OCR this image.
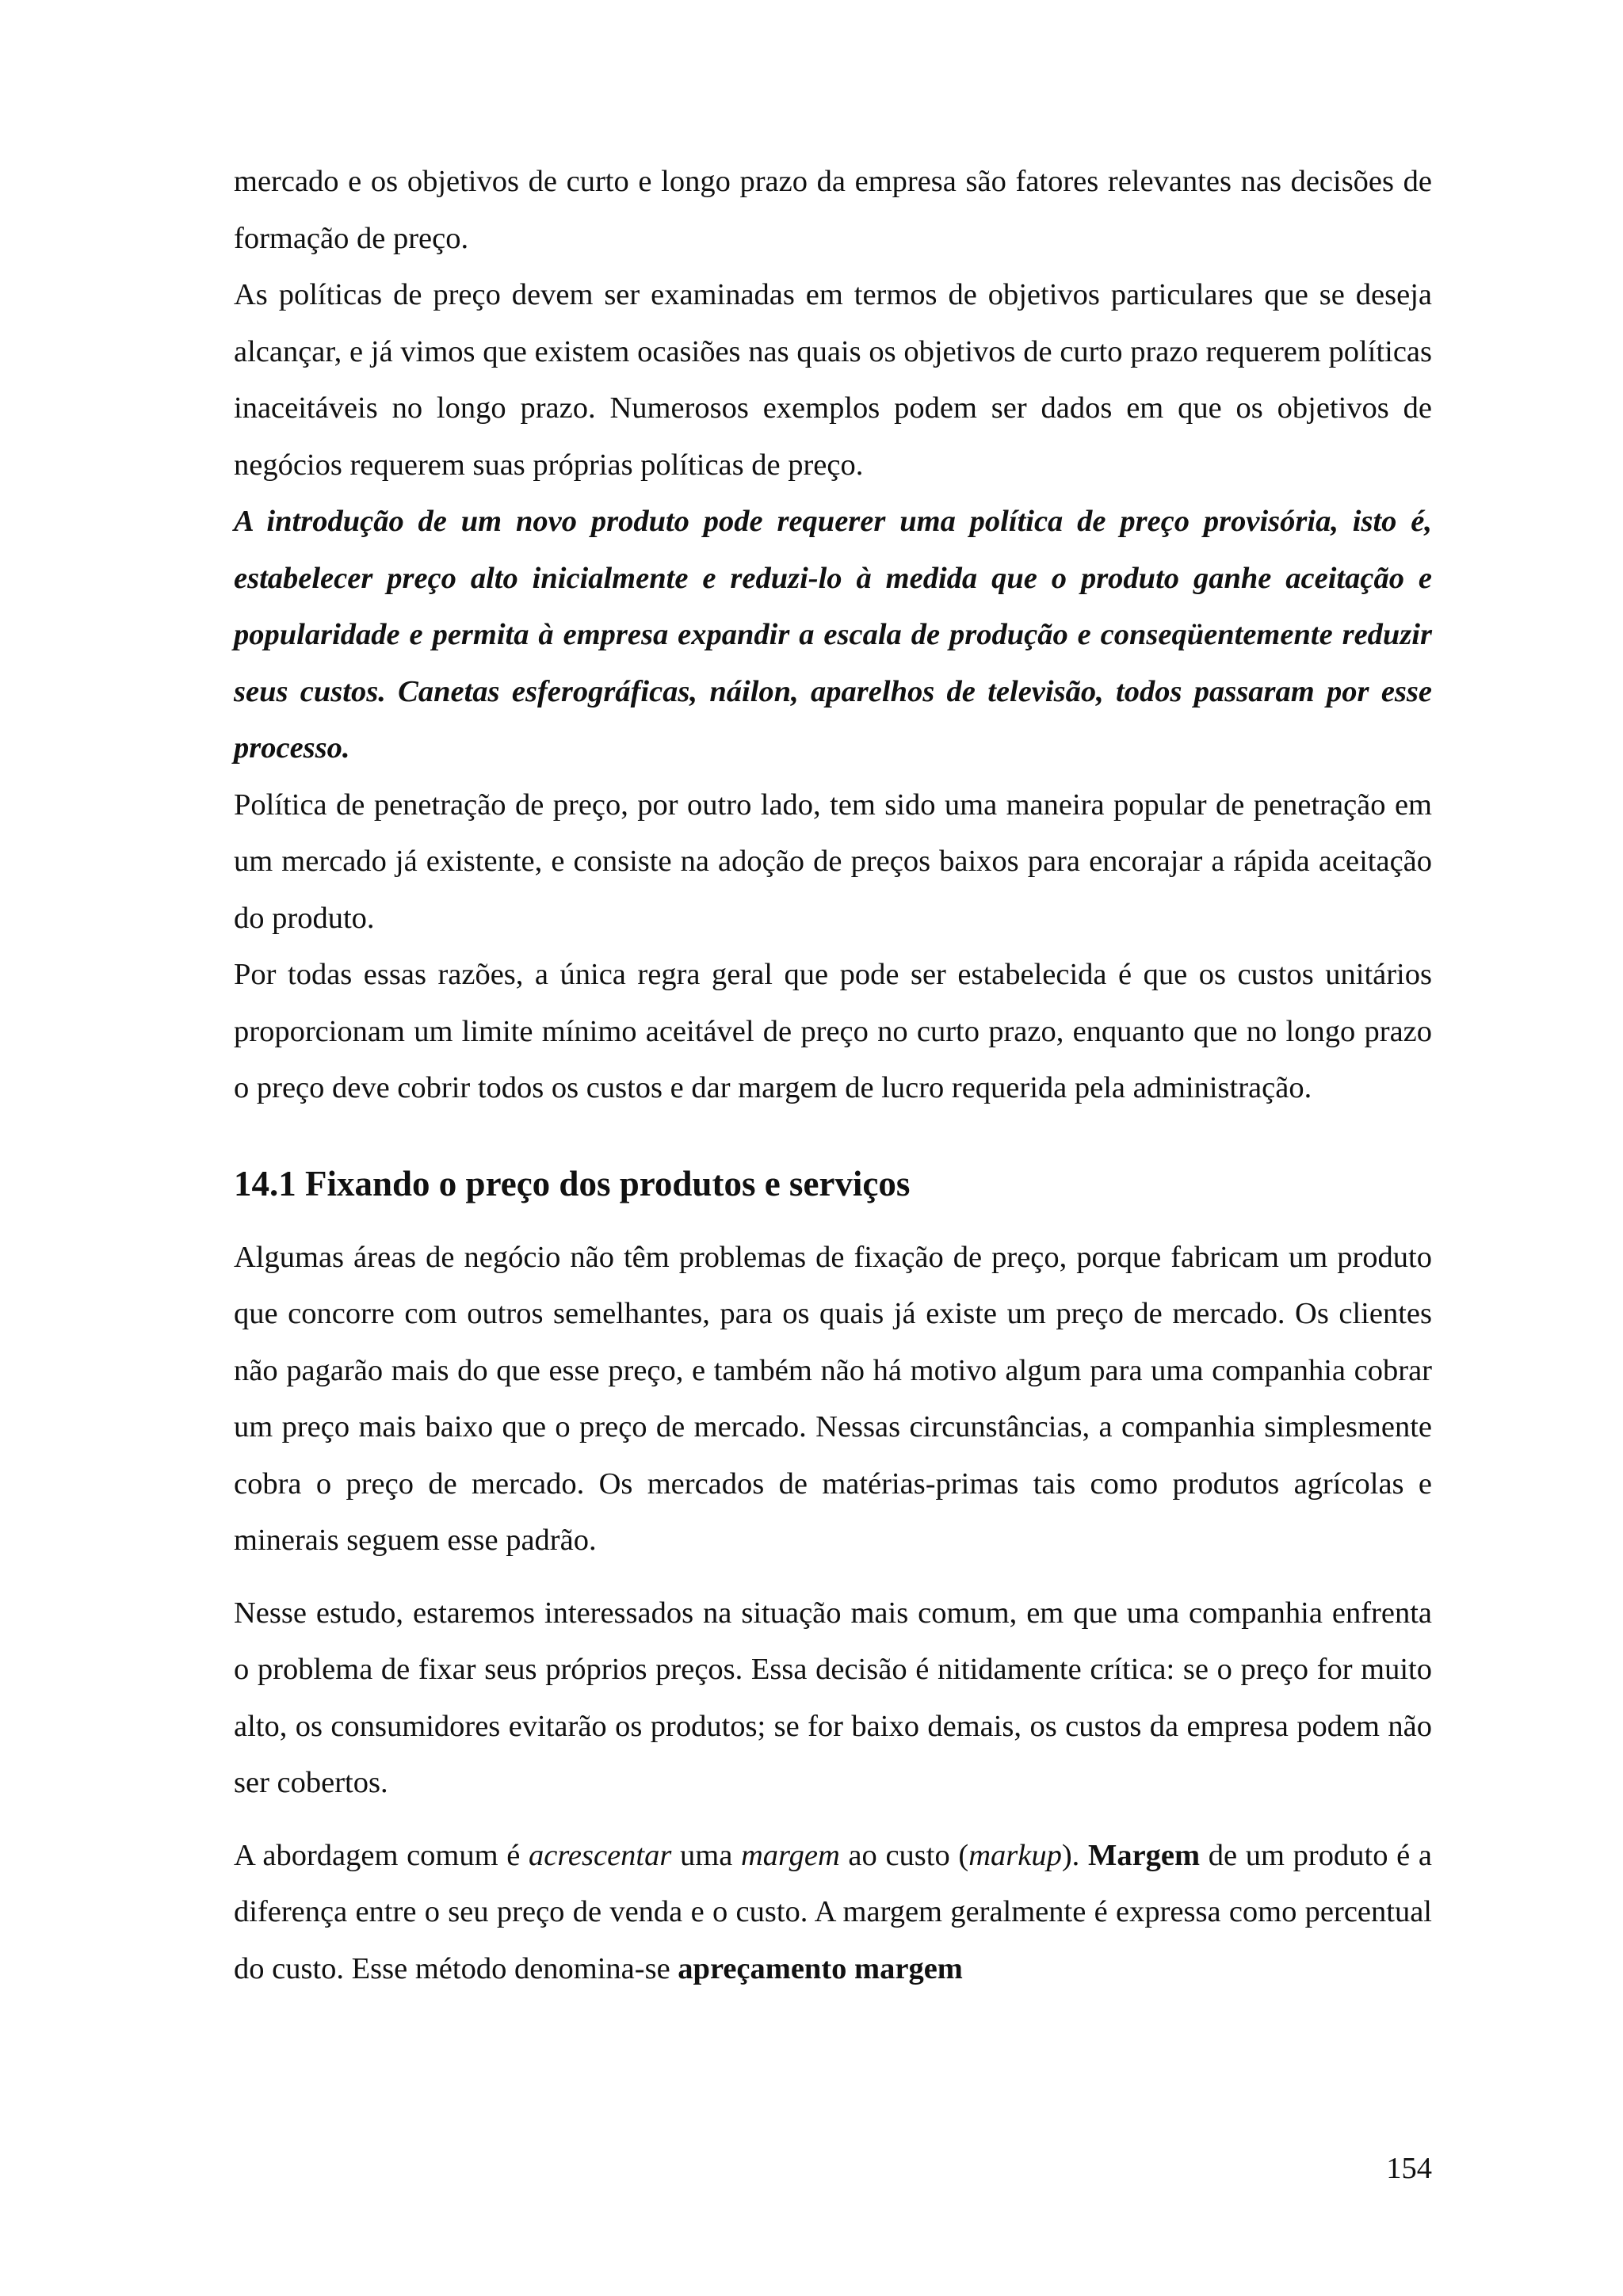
mercado e os objetivos de curto e longo prazo da empresa são fatores relevantes nas decisões de formação de preço.

As políticas de preço devem ser examinadas em termos de objetivos particulares que se deseja alcançar, e já vimos que existem ocasiões nas quais os objetivos de curto prazo requerem políticas inaceitáveis no longo prazo. Numerosos exemplos podem ser dados em que os objetivos de negócios requerem suas próprias políticas de preço.

A introdução de um novo produto pode requerer uma política de preço provisória, isto é, estabelecer preço alto inicialmente e reduzi-lo à medida que o produto ganhe aceitação e popularidade e permita à empresa expandir a escala de produção e conseqüentemente reduzir seus custos. Canetas esferográficas, náilon, aparelhos de televisão, todos passaram por esse processo.

Política de penetração de preço, por outro lado, tem sido uma maneira popular de penetração em um mercado já existente, e consiste na adoção de preços baixos para encorajar a rápida aceitação do produto.

Por todas essas razões, a única regra geral que pode ser estabelecida é que os custos unitários proporcionam um limite mínimo aceitável de preço no curto prazo, enquanto que no longo prazo o preço deve cobrir todos os custos e dar margem de lucro requerida pela administração.

14.1 Fixando o preço dos produtos e serviços

Algumas áreas de negócio não têm problemas de fixação de preço, porque fabricam um produto que concorre com outros semelhantes, para os quais já existe um preço de mercado. Os clientes não pagarão mais do que esse preço, e também não há motivo algum para uma companhia cobrar um preço mais baixo que o preço de mercado. Nessas circunstâncias, a companhia simplesmente cobra o preço de mercado. Os mercados de matérias-primas tais como produtos agrícolas e minerais seguem esse padrão.

Nesse estudo, estaremos interessados na situação mais comum, em que uma companhia enfrenta o problema de fixar seus próprios preços. Essa decisão é nitidamente crítica: se o preço for muito alto, os consumidores evitarão os produtos; se for baixo demais, os custos da empresa podem não ser cobertos.

A abordagem comum é acrescentar uma margem ao custo (markup). Margem de um produto é a diferença entre o seu preço de venda e o custo. A margem geralmente é expressa como percentual do custo. Esse método denomina-se apreçamento margem

154
